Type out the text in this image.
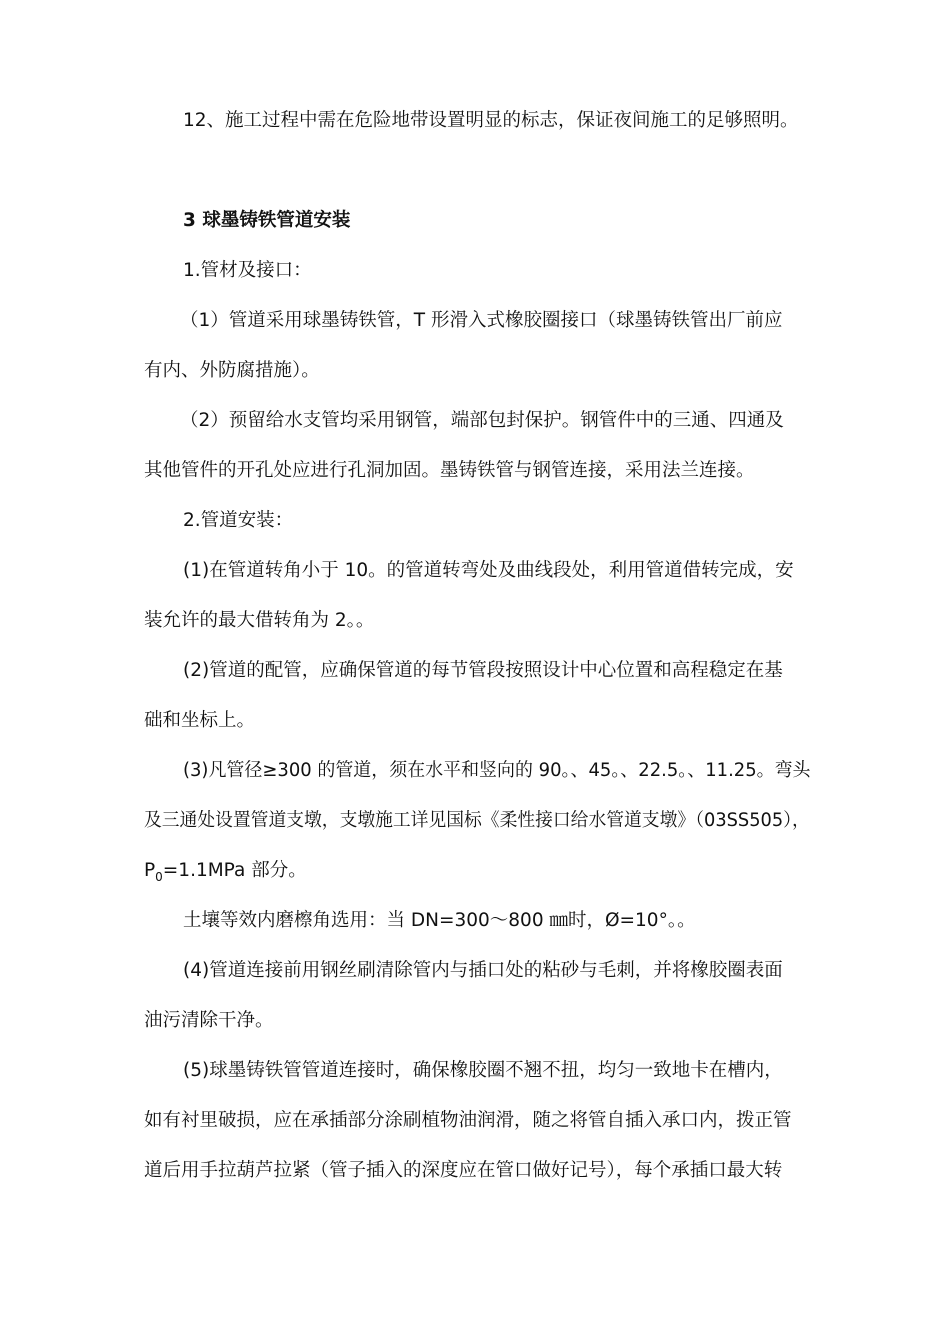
12、施工过程中需在危险地带设置明显的标志，保证夜间施工的足够照明。
3 球墨铸铁管道安装
1.管材及接口：
（1）管道采用球墨铸铁管，T 形滑入式橡胶圈接口（球墨铸铁管出厂前应
有内、外防腐措施）。
（2）预留给水支管均采用钢管，端部包封保护。钢管件中的三通、四通及
其他管件的开孔处应进行孔洞加固。墨铸铁管与钢管连接，采用法兰连接。
2.管道安装：
(1)在管道转角小于 10。的管道转弯处及曲线段处，利用管道借转完成，安
装允许的最大借转角为 2。。
(2)管道的配管，应确保管道的每节管段按照设计中心位置和高程稳定在基
础和坐标上。
(3)凡管径≥300 的管道，须在水平和竖向的 90。、45。、22.5。、11.25。弯头
及三通处设置管道支墩，支墩施工详见国标《柔性接口给水管道支墩》（03SS505），
$P_0=1.1MPa$ 部分。
土壤等效内磨檫角选用：当 DN=300～800 ㎜时，Ø=10°。。
(4)管道连接前用钢丝刷清除管内与插口处的粘砂与毛刺，并将橡胶圈表面
油污清除干净。
(5)球墨铸铁管管道连接时，确保橡胶圈不翘不扭，均匀一致地卡在槽内，
如有衬里破损，应在承插部分涂刷植物油润滑，随之将管自插入承口内，拨正管
道后用手拉葫芦拉紧（管子插入的深度应在管口做好记号），每个承插口最大转
